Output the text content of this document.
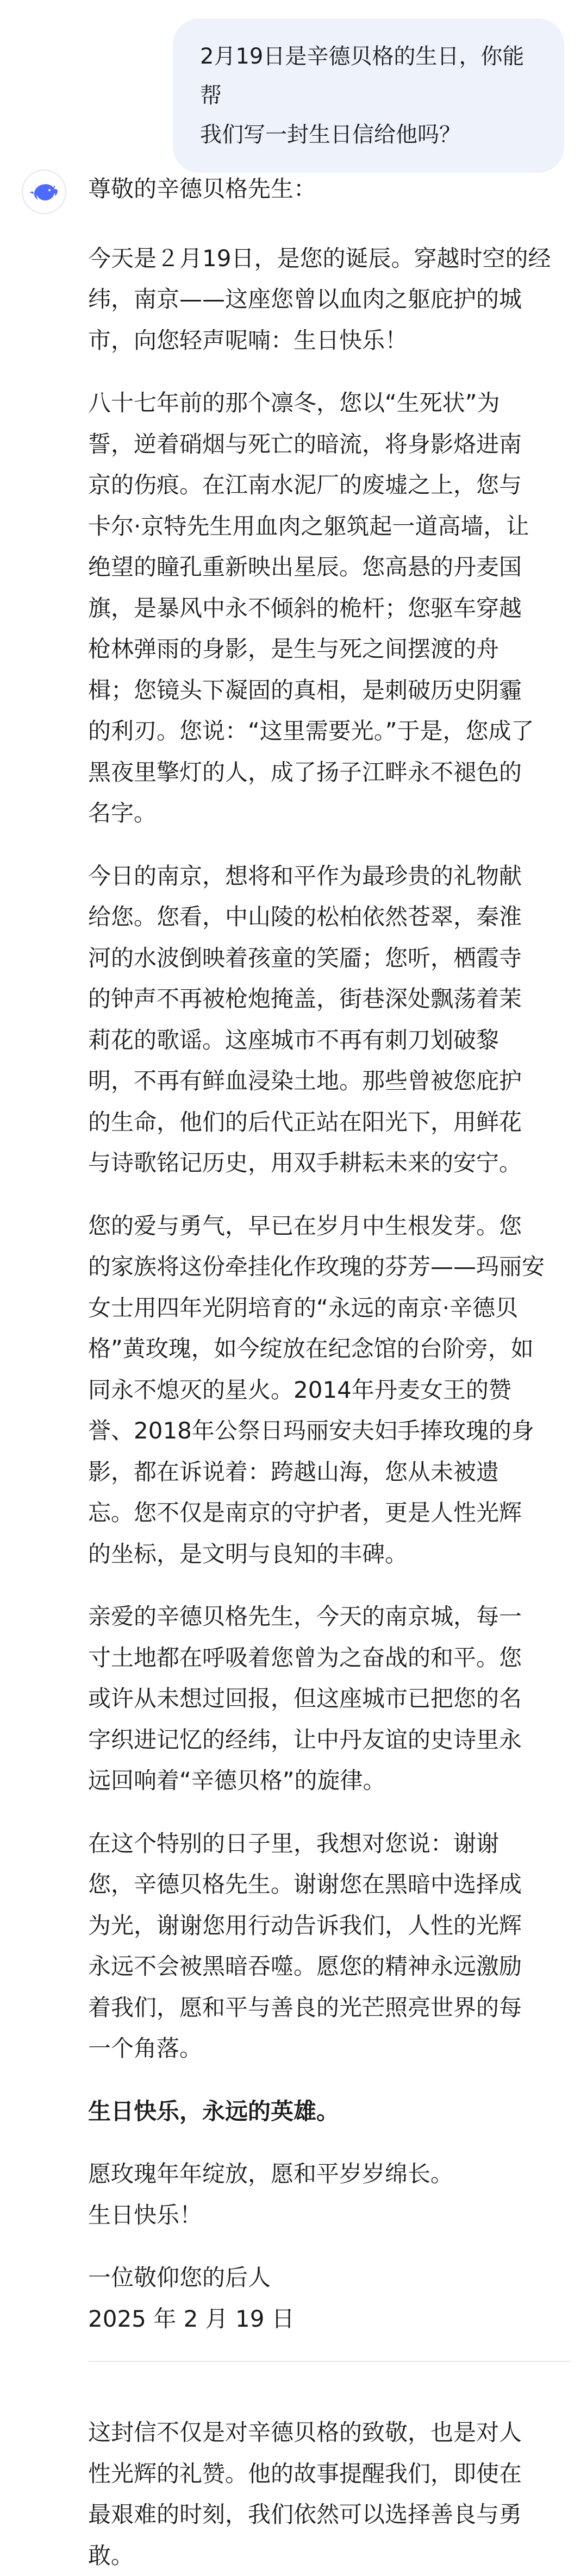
2月19日是辛德贝格的生日，你能帮
我们写一封生日信给他吗？

尊敬的辛德贝格先生：

今天是２月19日，是您的诞辰。穿越时空的经
纬，南京——这座您曾以血肉之躯庇护的城
市，向您轻声呢喃：生日快乐！

八十七年前的那个凛冬，您以“生死状”为
誓，逆着硝烟与死亡的暗流，将身影烙进南
京的伤痕。在江南水泥厂的废墟之上，您与
卡尔·京特先生用血肉之躯筑起一道高墙，让
绝望的瞳孔重新映出星辰。您高悬的丹麦国
旗，是暴风中永不倾斜的桅杆；您驱车穿越
枪林弹雨的身影，是生与死之间摆渡的舟
楫；您镜头下凝固的真相，是刺破历史阴霾
的利刃。您说：“这里需要光。”于是，您成了
黑夜里擎灯的人，成了扬子江畔永不褪色的
名字。

今日的南京，想将和平作为最珍贵的礼物献
给您。您看，中山陵的松柏依然苍翠，秦淮
河的水波倒映着孩童的笑靥；您听，栖霞寺
的钟声不再被枪炮掩盖，街巷深处飘荡着茉
莉花的歌谣。这座城市不再有刺刀划破黎
明，不再有鲜血浸染土地。那些曾被您庇护
的生命，他们的后代正站在阳光下，用鲜花
与诗歌铭记历史，用双手耕耘未来的安宁。

您的爱与勇气，早已在岁月中生根发芽。您
的家族将这份牵挂化作玫瑰的芬芳——玛丽安
女士用四年光阴培育的“永远的南京·辛德贝
格”黄玫瑰，如今绽放在纪念馆的台阶旁，如
同永不熄灭的星火。2014年丹麦女王的赞
誉、2018年公祭日玛丽安夫妇手捧玫瑰的身
影，都在诉说着：跨越山海，您从未被遗
忘。您不仅是南京的守护者，更是人性光辉
的坐标，是文明与良知的丰碑。

亲爱的辛德贝格先生，今天的南京城，每一
寸土地都在呼吸着您曾为之奋战的和平。您
或许从未想过回报，但这座城市已把您的名
字织进记忆的经纬，让中丹友谊的史诗里永
远回响着“辛德贝格”的旋律。

在这个特别的日子里，我想对您说：谢谢
您，辛德贝格先生。谢谢您在黑暗中选择成
为光，谢谢您用行动告诉我们，人性的光辉
永远不会被黑暗吞噬。愿您的精神永远激励
着我们，愿和平与善良的光芒照亮世界的每
一个角落。

生日快乐，永远的英雄。

愿玫瑰年年绽放，愿和平岁岁绵长。

生日快乐！

一位敬仰您的后人

2025 年 2 月 19 日

这封信不仅是对辛德贝格的致敬，也是对人
性光辉的礼赞。他的故事提醒我们，即使在
最艰难的时刻，我们依然可以选择善良与勇
敢。
